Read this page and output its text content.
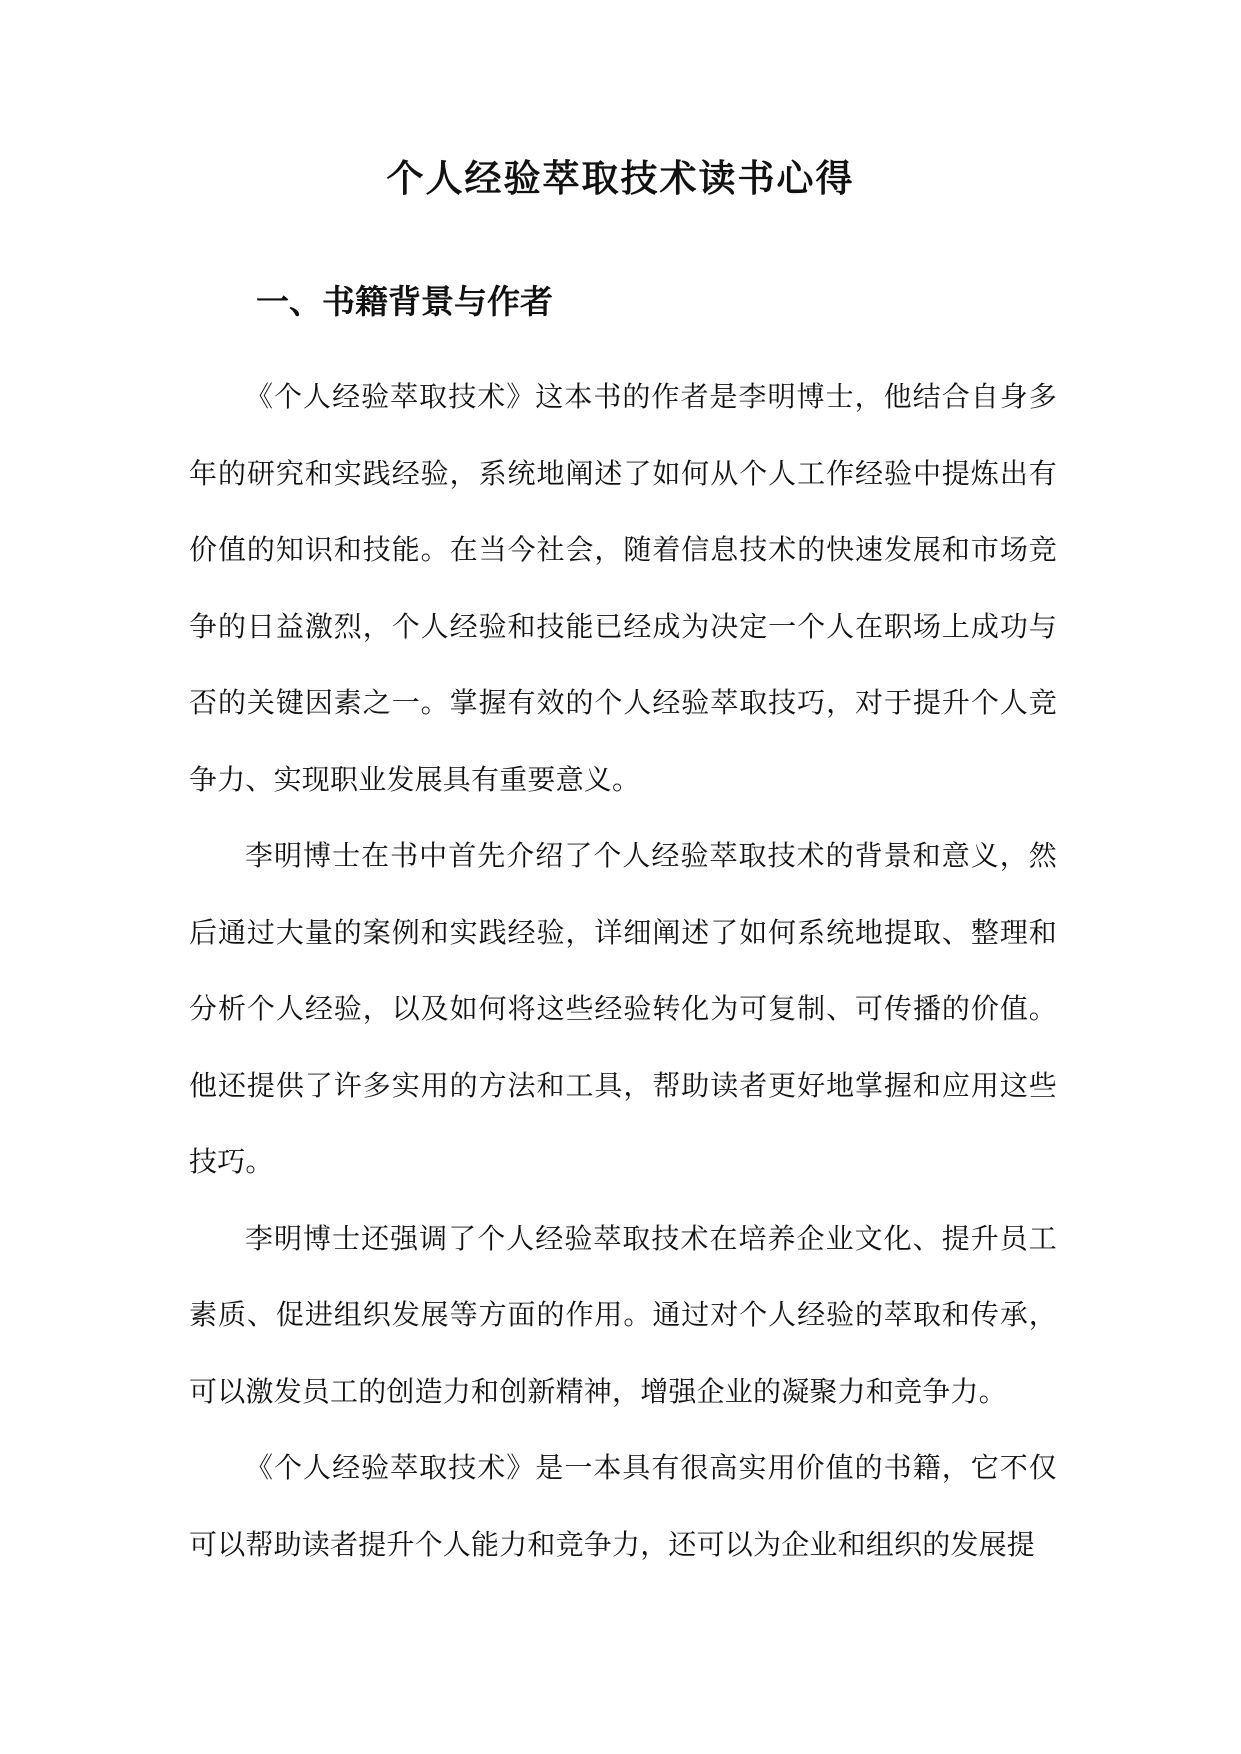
个人经验萃取技术读书心得
一、书籍背景与作者

《个人经验萃取技术》这本书的作者是李明博士，他结合自身多年的研究和实践经验，系统地阐述了如何从个人工作经验中提炼出有价值的知识和技能。在当今社会，随着信息技术的快速发展和市场竞争的日益激烈，个人经验和技能已经成为决定一个人在职场上成功与否的关键因素之一。掌握有效的个人经验萃取技巧，对于提升个人竞争力、实现职业发展具有重要意义。

李明博士在书中首先介绍了个人经验萃取技术的背景和意义，然后通过大量的案例和实践经验，详细阐述了如何系统地提取、整理和分析个人经验，以及如何将这些经验转化为可复制、可传播的价值。他还提供了许多实用的方法和工具，帮助读者更好地掌握和应用这些技巧。

李明博士还强调了个人经验萃取技术在培养企业文化、提升员工素质、促进组织发展等方面的作用。通过对个人经验的萃取和传承，可以激发员工的创造力和创新精神，增强企业的凝聚力和竞争力。

《个人经验萃取技术》是一本具有很高实用价值的书籍，它不仅可以帮助读者提升个人能力和竞争力，还可以为企业和组织的发展提
